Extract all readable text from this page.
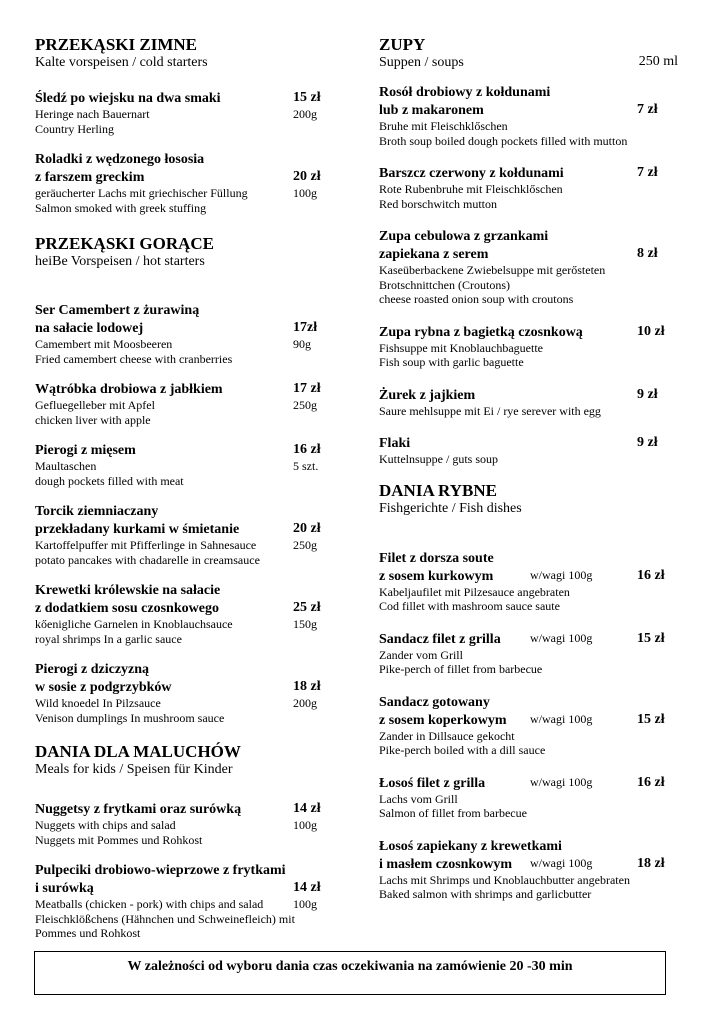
PRZEKĄSKI ZIMNE
Kalte vorspeisen / cold starters
Śledź po wiejsku na dwa smaki	15 zł
Heringe nach Bauernart	200g
Country Herling
Roladki z wędzonego łososia
z farszem greckim	20 zł
geräucherter Lachs mit griechischer Füllung	100g
Salmon smoked with greek stuffing
PRZEKĄSKI GORĄCE
heiBe Vorspeisen / hot starters
Ser Camembert z żurawiną
na sałacie lodowej	17zł
Camembert mit Moosbeeren	90g
Fried camembert cheese with cranberries
Wątróbka drobiowa z jabłkiem	17 zł
Gefluegelleber mit Apfel	250g
chicken liver with apple
Pierogi z mięsem	16 zł
Maultaschen	5 szt.
dough pockets filled with meat
Torcik ziemniaczany
przekładany kurkami w śmietanie	20 zł
Kartoffelpuffer mit Pfifferlinge in Sahnesauce	250g
potato pancakes with chadarelle in creamsauce
Krewetki królewskie na sałacie
z dodatkiem sosu czosnkowego	25 zł
kőenigliche Garnelen in Knoblauchsauce	150g
royal shrimps In a garlic sauce
Pierogi z dziczyzną
w sosie z podgrzybków	18 zł
Wild knoedel In Pilzsauce	200g
Venison dumplings In mushroom sauce
DANIA DLA MALUCHÓW
Meals for kids / Speisen für Kinder
Nuggetsy z frytkami oraz surówką	14 zł
Nuggets with chips and salad	100g
Nuggets mit Pommes und Rohkost
Pulpeciki drobiowo-wieprzowe z frytkami
i surówką	14 zł
Meatballs (chicken - pork) with chips and salad 100g
Fleischklößchens (Hähnchen und Schweinefleich) mit
Pommes und Rohkost
ZUPY
Suppen / soups	250 ml
Rosół drobiowy z kołdunami
lub z makaronem	7 zł
Bruhe mit Fleischklőschen
Broth soup boiled dough pockets filled with mutton
Barszcz czerwony z kołdunami	7 zł
Rote Rubenbruhe mit Fleischklőschen
Red borschwitch mutton
Zupa cebulowa z grzankami
zapiekana z serem	8 zł
Kaseüberbackene Zwiebelsuppe mit gerősteten
Brotschnittchen (Croutons)
cheese roasted onion soup with croutons
Zupa rybna z bagietką czosnkową	10 zł
Fishsuppe mit Knoblauchbaguette
Fish soup with garlic baguette
Żurek z jajkiem	9 zł
Saure mehlsuppe mit Ei / rye serever with egg
Flaki	9 zł
Kuttelnsuppe / guts soup
DANIA RYBNE
Fishgerichte / Fish dishes
Filet z dorsza soute
z sosem kurkowym	w/wagi 100g	16 zł
Kabeljaufilet mit Pilzesauce angebraten
Cod fillet with mashroom sauce saute
Sandacz filet z grilla w/wagi 100g	15 zł
Zander vom Grill
Pike-perch of fillet from barbecue
Sandacz gotowany
z sosem koperkowym w/wagi 100g	15 zł
Zander in Dillsauce gekocht
Pike-perch boiled with a dill sauce
Łosoś filet z grilla	w/wagi 100g	16 zł
Lachs vom Grill
Salmon of fillet from barbecue
Łosoś zapiekany z krewetkami
i masłem czosnkowym w/wagi 100g	18 zł
Lachs mit Shrimps und Knoblauchbutter angebraten
Baked salmon with shrimps and garlicbutter
W zależności od wyboru dania czas oczekiwania na zamówienie 20 -30 min
